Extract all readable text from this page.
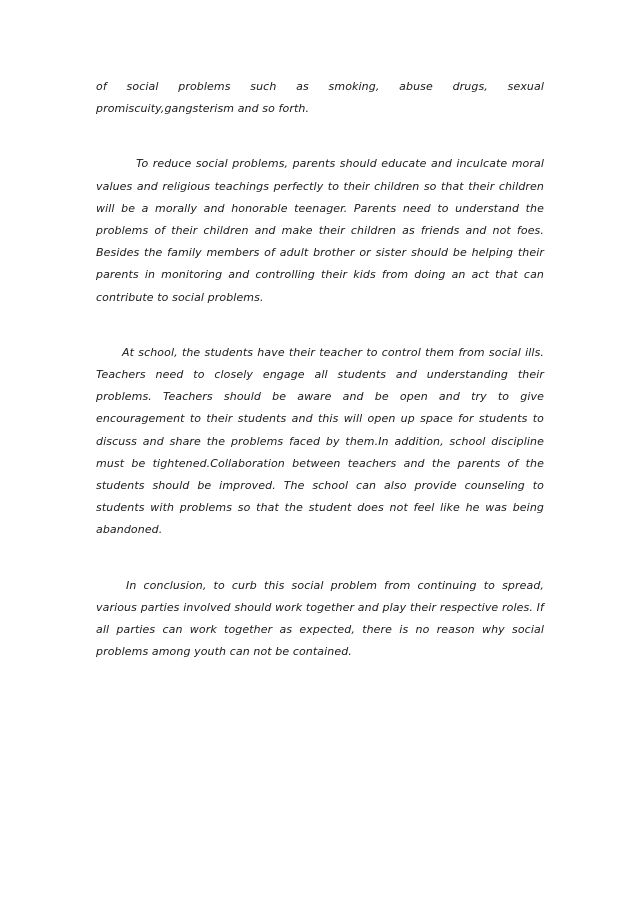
of social problems such as smoking, abuse drugs, sexual
promiscuity,gangsterism and so forth.

To reduce social problems, parents should educate and inculcate moral values and religious teachings perfectly to their children so that their children will be a morally and honorable teenager. Parents need to understand the problems of their children and make their children as friends and not foes. Besides the family members of adult brother or sister should be helping their parents in monitoring and controlling their kids from doing an act that can contribute to social problems.

At school, the students have their teacher to control them from social ills. Teachers need to closely engage all students and understanding their problems. Teachers should be aware and be open and try to give encouragement to their students and this will open up space for students to discuss and share the problems faced by them.In addition, school discipline must be tightened.Collaboration between teachers and the parents of the students should be improved. The school can also provide counseling to students with problems so that the student does not feel like he was being abandoned.

In conclusion, to curb this social problem from continuing to spread, various parties involved should work together and play their respective roles. If all parties can work together as expected, there is no reason why social problems among youth can not be contained.
